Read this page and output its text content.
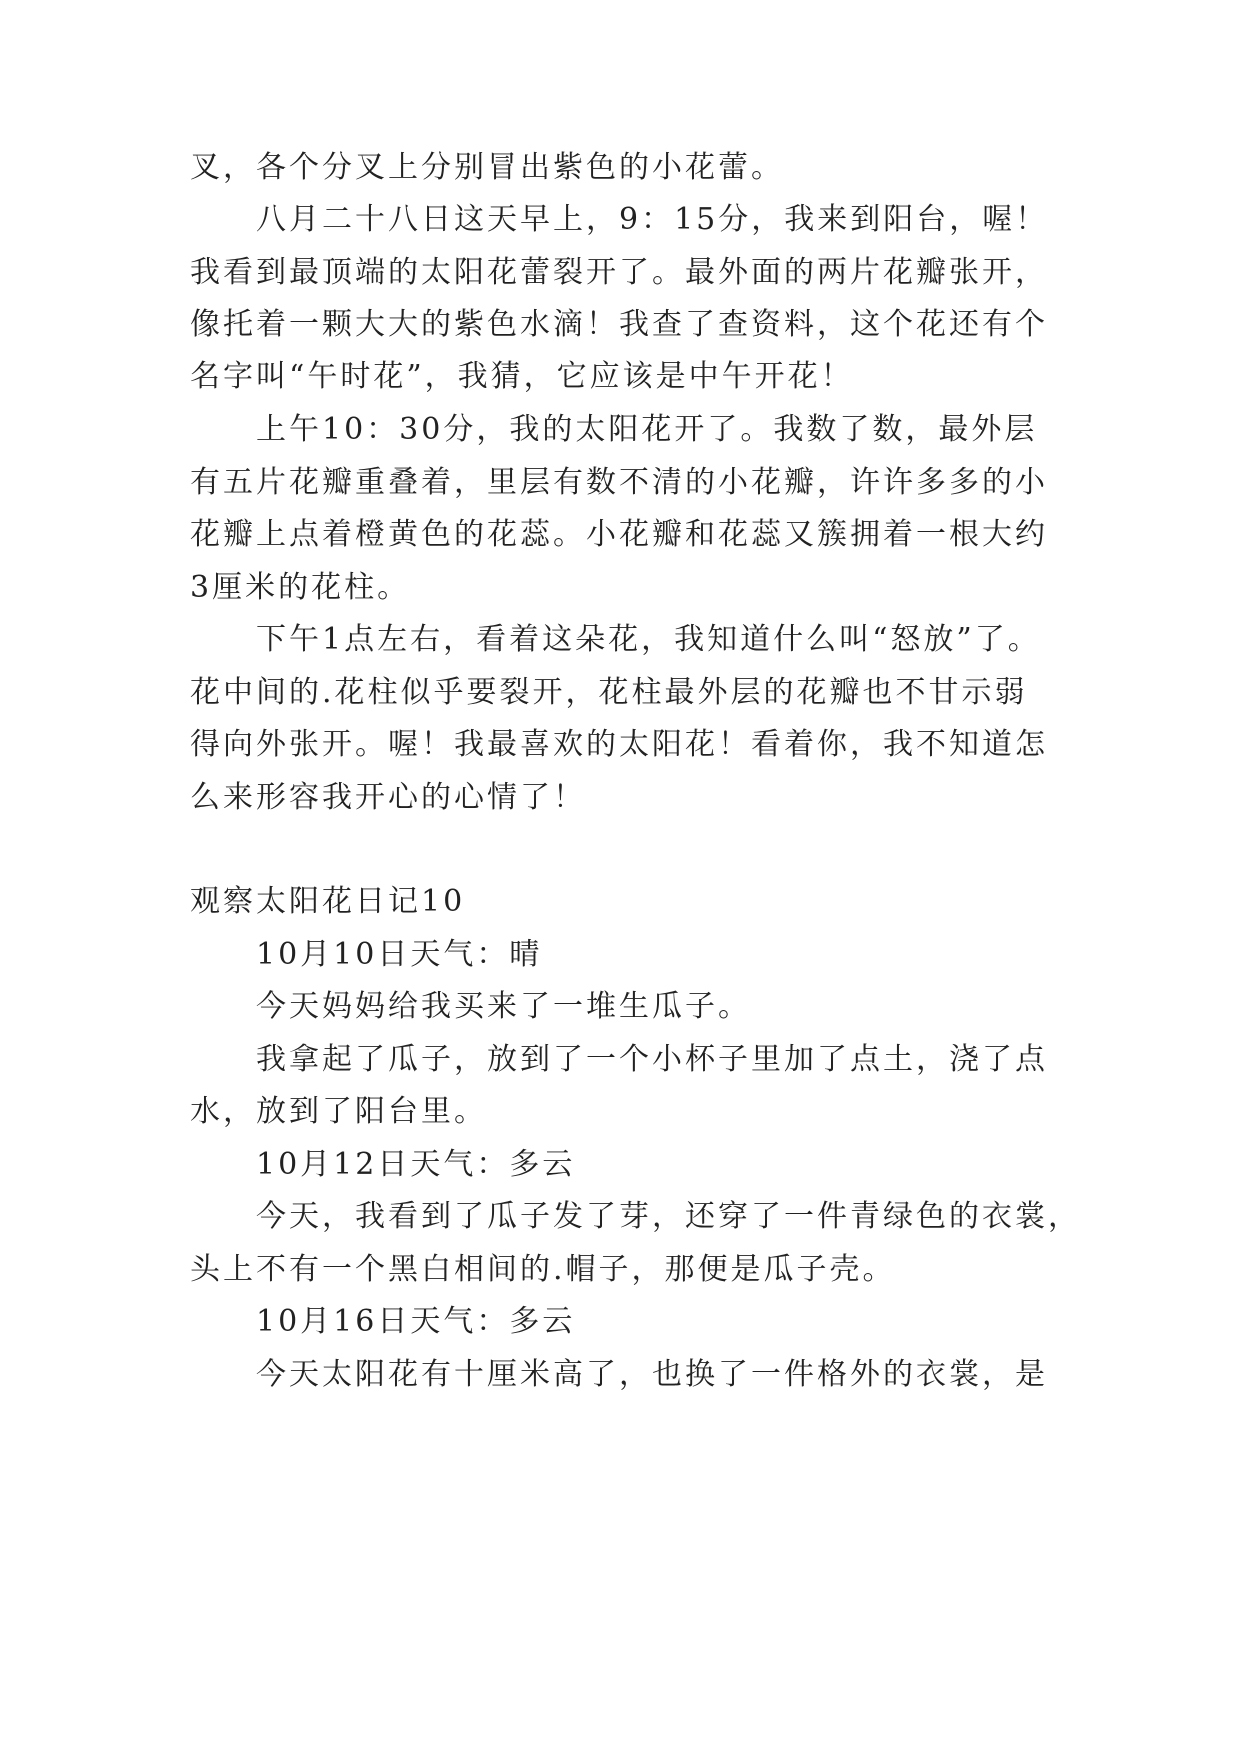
叉，各个分叉上分别冒出紫色的小花蕾。
八月二十八日这天早上，9：15分，我来到阳台，喔！
我看到最顶端的太阳花蕾裂开了。最外面的两片花瓣张开，
像托着一颗大大的紫色水滴！我查了查资料，这个花还有个
名字叫“午时花”，我猜，它应该是中午开花！
上午10：30分，我的太阳花开了。我数了数，最外层
有五片花瓣重叠着，里层有数不清的小花瓣，许许多多的小
花瓣上点着橙黄色的花蕊。小花瓣和花蕊又簇拥着一根大约
3厘米的花柱。
下午1点左右，看着这朵花，我知道什么叫“怒放”了。
花中间的.花柱似乎要裂开，花柱最外层的花瓣也不甘示弱
得向外张开。喔！我最喜欢的太阳花！看着你，我不知道怎
么来形容我开心的心情了！
观察太阳花日记10
10月10日天气：晴
今天妈妈给我买来了一堆生瓜子。
我拿起了瓜子，放到了一个小杯子里加了点土，浇了点
水，放到了阳台里。
10月12日天气：多云
今天，我看到了瓜子发了芽，还穿了一件青绿色的衣裳，
头上不有一个黑白相间的.帽子，那便是瓜子壳。
10月16日天气：多云
今天太阳花有十厘米高了，也换了一件格外的衣裳，是
